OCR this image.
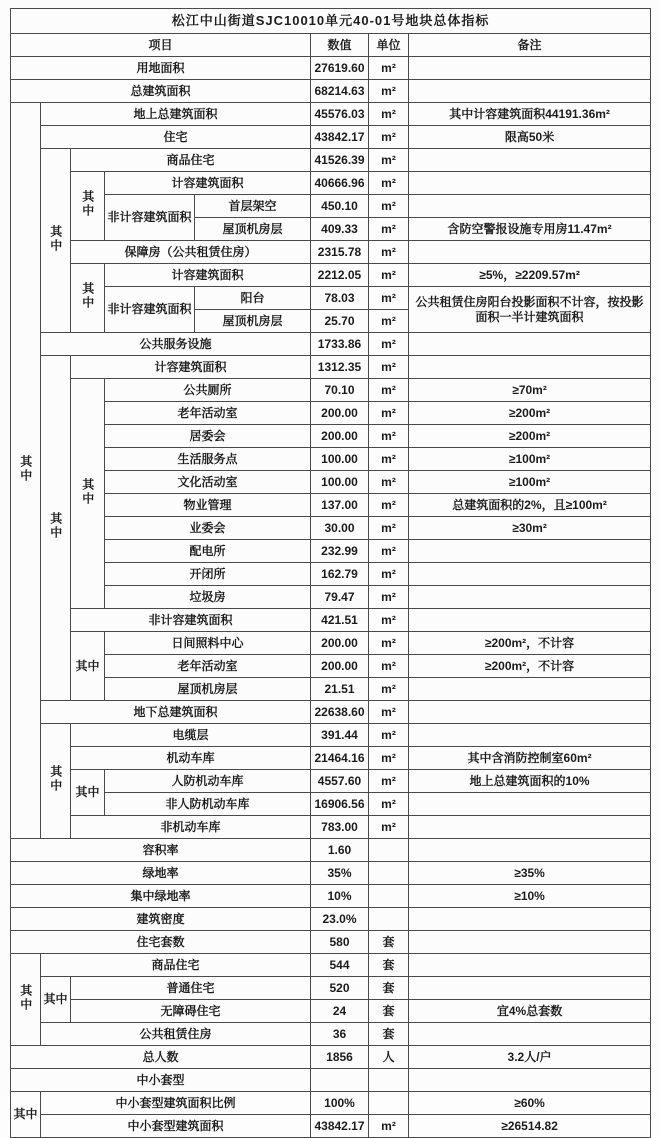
松江中山街道SJC10010单元40-01号地块总体指标							
项目					数值	单位	备注
用地面积					27619.60	m²	
总建筑面积					68214.63	m²	
其中	地上总建筑面积				45576.03	m²	其中计容建筑面积44191.36m²
	住宅				43842.17	m²	限高50米
	其中	商品住宅			41526.39	m²	
		其中	计容建筑面积		40666.96	m²	
			非计容建筑面积	首层架空	450.10	m²	
				屋顶机房层	409.33	m²	含防空警报设施专用房11.47m²
		保障房（公共租赁住房）			2315.78	m²	
		其中	计容建筑面积		2212.05	m²	≥5%，≥2209.57m²
			非计容建筑面积	阳台	78.03	m²	公共租赁住房阳台投影面积不计容，按投影面积一半计建筑面积
				屋顶机房层	25.70	m²	
	公共服务设施				1733.86	m²	
	其中	计容建筑面积			1312.35	m²	
		其中	公共厕所		70.10	m²	≥70m²
			老年活动室		200.00	m²	≥200m²
			居委会		200.00	m²	≥200m²
			生活服务点		100.00	m²	≥100m²
			文化活动室		100.00	m²	≥100m²
			物业管理		137.00	m²	总建筑面积的2%，且≥100m²
			业委会		30.00	m²	≥30m²
			配电所		232.99	m²	
			开闭所		162.79	m²	
			垃圾房		79.47	m²	
		非计容建筑面积			421.51	m²	
		其中	日间照料中心		200.00	m²	≥200m²，不计容
			老年活动室		200.00	m²	≥200m²，不计容
			屋顶机房层		21.51	m²	
	地下总建筑面积				22638.60	m²	
	其中	电缆层			391.44	m²	
		机动车库			21464.16	m²	其中含消防控制室60m²
		其中	人防机动车库		4557.60	m²	地上总建筑面积的10%
			非人防机动车库		16906.56	m²	
		非机动车库			783.00	m²	
容积率					1.60		
绿地率					35%		≥35%
集中绿地率					10%		≥10%
建筑密度					23.0%		
住宅套数					580	套	
其中	商品住宅				544	套	
	其中	普通住宅			520	套	
		无障碍住宅			24	套	宜4%总套数
	公共租赁住房				36	套	
总人数					1856	人	3.2人/户
中小套型							
其中	中小套型建筑面积比例				100%		≥60%
	中小套型建筑面积				43842.17	m²	≥26514.82
